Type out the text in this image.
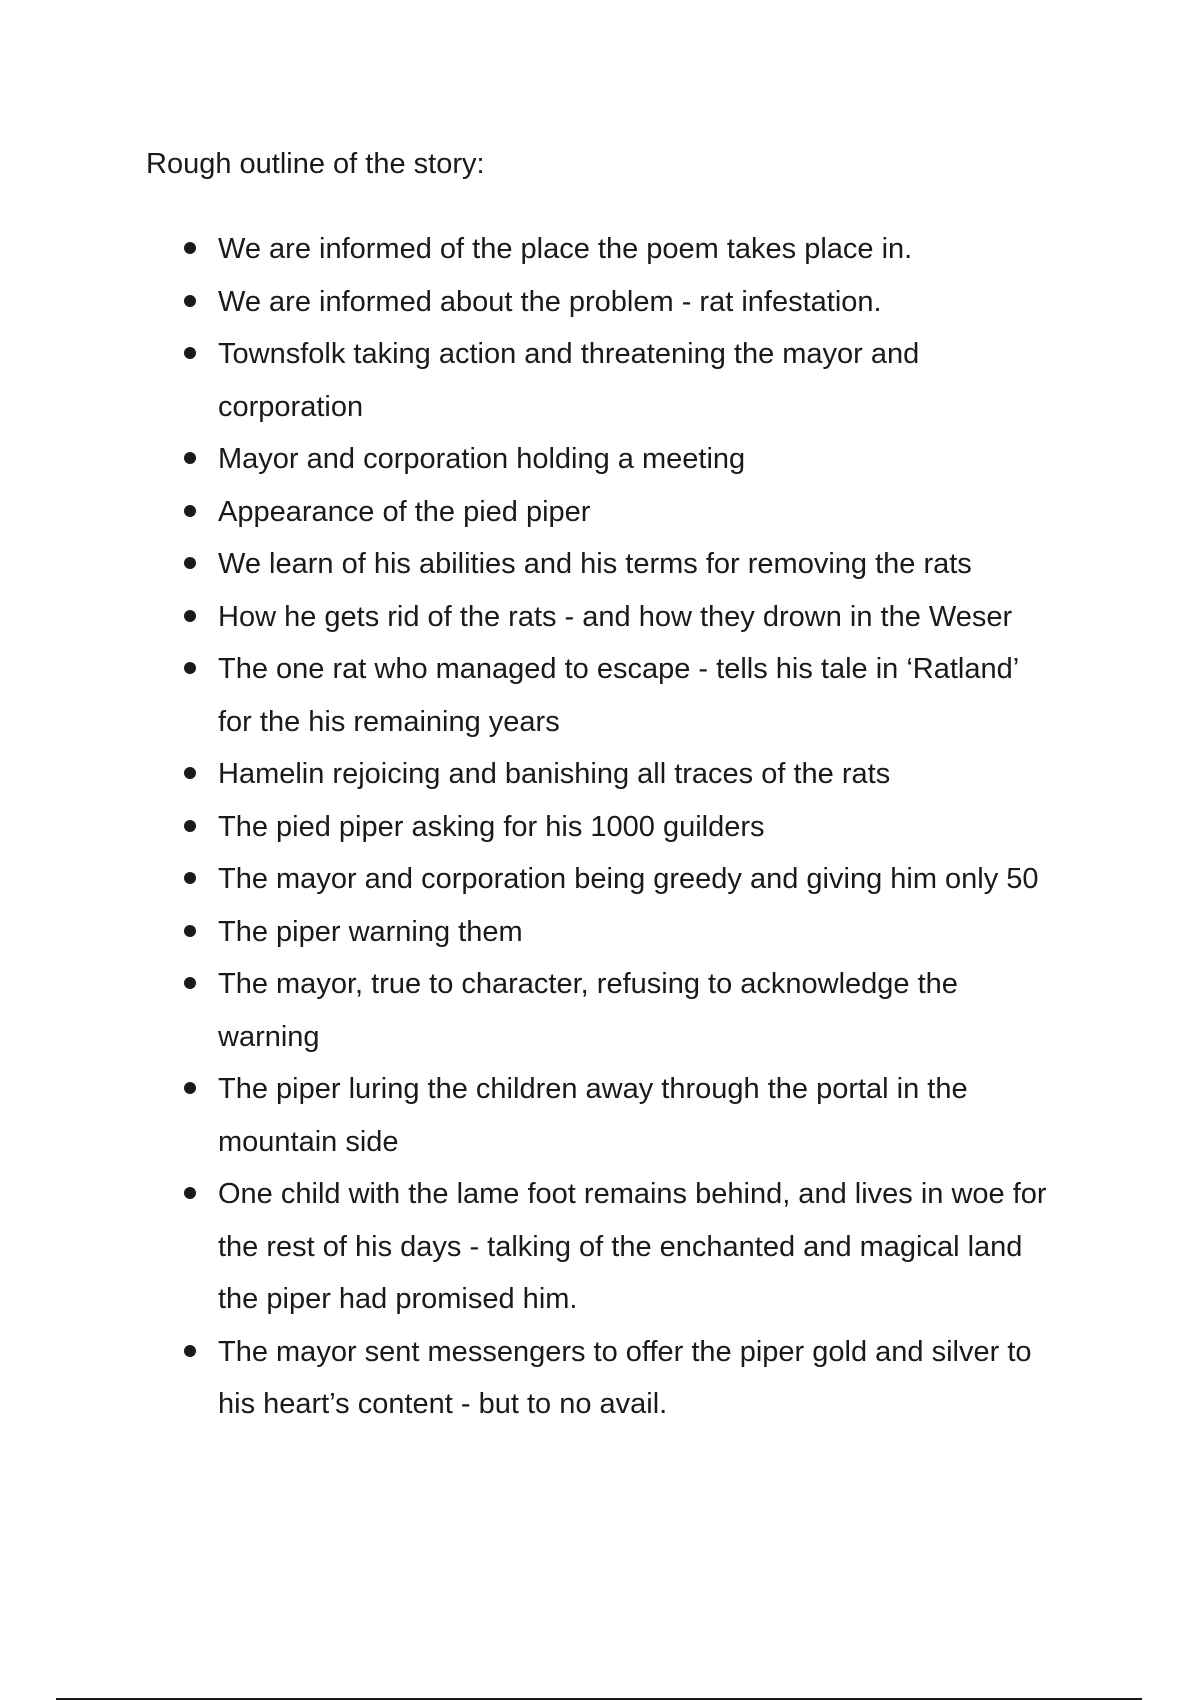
Rough outline of the story:

We are informed of the place the poem takes place in.
We are informed about the problem - rat infestation.
Townsfolk taking action and threatening the mayor and
corporation
Mayor and corporation holding a meeting
Appearance of the pied piper
We learn of his abilities and his terms for removing the rats
How he gets rid of the rats - and how they drown in the Weser
The one rat who managed to escape - tells his tale in ‘Ratland’
for the his remaining years
Hamelin rejoicing and banishing all traces of the rats
The pied piper asking for his 1000 guilders
The mayor and corporation being greedy and giving him only 50
The piper warning them
The mayor, true to character, refusing to acknowledge the
warning
The piper luring the children away through the portal in the
mountain side
One child with the lame foot remains behind, and lives in woe for
the rest of his days - talking of the enchanted and magical land
the piper had promised him.
The mayor sent messengers to offer the piper gold and silver to
his heart’s content - but to no avail.
